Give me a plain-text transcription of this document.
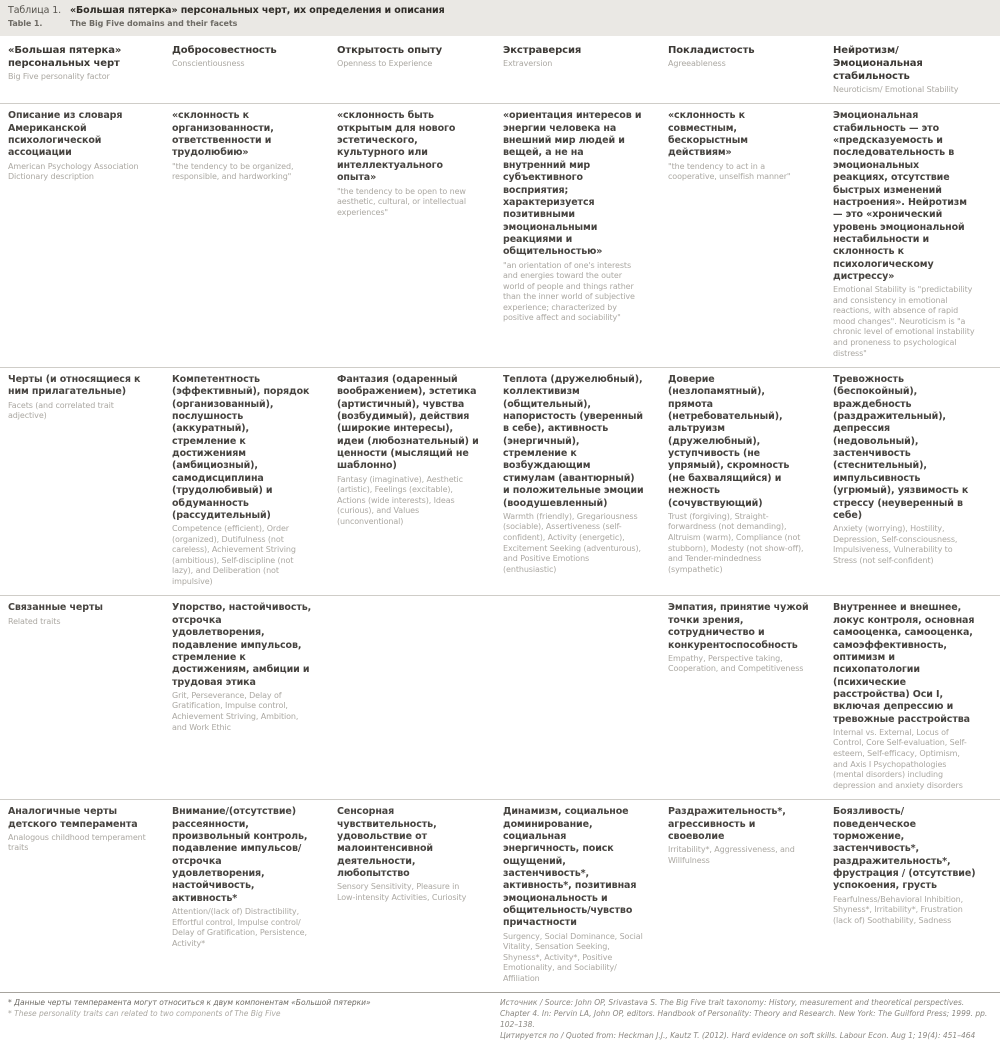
Таблица 1. «Большая пятерка» персональных черт, их определения и описания
Table 1.	The Big Five domains and their facets
«Большая пятерка» персональных черт
Big Five personality factor
Добросовестность
Conscientiousness
Открытость опыту
Openness to Experience
Экстраверсия
Extraversion
Покладистость
Agreeableness
Нейротизм/Эмоциональная стабильность
Neuroticism/ Emotional Stability
Описание из словаря Американской психологической ассоциации
American Psychology Association Dictionary description
«склонность к организованности, ответственности и трудолюбию»
"the tendency to be organized, responsible, and hardworking"
«склонность быть открытым для нового эстетического, культурного или интеллектуального опыта»
"the tendency to be open to new aesthetic, cultural, or intellectual experiences"
«ориентация интересов и энергии человека на внешний мир людей и вещей, а не на внутренний мир субъективного восприятия; характеризуется позитивными эмоциональными реакциями и общительностью»
"an orientation of one's interests and energies toward the outer world of people and things rather than the inner world of subjective experience; characterized by positive affect and sociability"
«склонность к совместным, бескорыстным действиям»
"the tendency to act in a cooperative, unselfish manner"
Эмоциональная стабильность — это «предсказуемость и последовательность в эмоциональных реакциях, отсутствие быстрых изменений настроения». Нейротизм — это «хронический уровень эмоциональной нестабильности и склонность к психологическому дистрессу»
Emotional Stability is "predictability and consistency in emotional reactions, with absence of rapid mood changes". Neuroticism is "a chronic level of emotional instability and proneness to psychological distress"
Черты (и относящиеся к ним прилагательные)
Facets (and correlated trait adjective)
Компетентность (эффективный), порядок (организованный), послушность (аккуратный), стремление к достижениям (амбициозный), самодисциплина (трудолюбивый) и обдуманность (рассудительный)
Competence (efficient), Order (organized), Dutifulness (not careless), Achievement Striving (ambitious), Self-discipline (not lazy), and Deliberation (not impulsive)
Фантазия (одаренный воображением), эстетика (артистичный), чувства (возбудимый), действия (широкие интересы), идеи (любознательный) и ценности (мыслящий не шаблонно)
Fantasy (imaginative), Aesthetic (artistic), Feelings (excitable), Actions (wide interests), Ideas (curious), and Values (unconventional)
Теплота (дружелюбный), коллективизм (общительный), напористость (уверенный в себе), активность (энергичный), стремление к возбуждающим стимулам (авантюрный) и положительные эмоции (воодушевленный)
Warmth (friendly), Gregariousness (sociable), Assertiveness (self-confident), Activity (energetic), Excitement Seeking (adventurous), and Positive Emotions (enthusiastic)
Доверие (незлопамятный), прямота (нетребовательный), альтруизм (дружелюбный), уступчивость (не упрямый), скромность (не бахвалящийся) и нежность (сочувствующий)
Trust (forgiving), Straight-forwardness (not demanding), Altruism (warm), Compliance (not stubborn), Modesty (not show-off), and Tender-mindedness (sympathetic)
Тревожность (беспокойный), враждебность (раздражительный), депрессия (недовольный), застенчивость (стеснительный), импульсивность (угрюмый), уязвимость к стрессу (неуверенный в себе)
Anxiety (worrying), Hostility, Depression, Self-consciousness, Impulsiveness, Vulnerability to Stress (not self-confident)
Связанные черты
Related traits
Упорство, настойчивость, отсрочка удовлетворения, подавление импульсов, стремление к достижениям, амбиции и трудовая этика
Grit, Perseverance, Delay of Gratification, Impulse control, Achievement Striving, Ambition, and Work Ethic
Эмпатия, принятие чужой точки зрения, сотрудничество и конкурентоспособность
Empathy, Perspective taking, Cooperation, and Competitiveness
Внутреннее и внешнее, локус контроля, основная самооценка, самооценка, самоэффективность, оптимизм и психопатологии (психические расстройства) Оси I, включая депрессию и тревожные расстройства
Internal vs. External, Locus of Control, Core Self-evaluation, Self-esteem, Self-efficacy, Optimism, and Axis I Psychopathologies (mental disorders) including depression and anxiety disorders
Аналогичные черты детского темперамента
Analogous childhood temperament traits
Внимание/(отсутствие) рассеянности, произвольный контроль, подавление импульсов/отсрочка удовлетворения, настойчивость, активность*
Attention/(lack of) Distractibility, Effortful control, Impulse control/ Delay of Gratification, Persistence, Activity*
Сенсорная чувствительность, удовольствие от малоинтенсивной деятельности, любопытство
Sensory Sensitivity, Pleasure in Low-intensity Activities, Curiosity
Динамизм, социальное доминирование, социальная энергичность, поиск ощущений, застенчивость*, активность*, позитивная эмоциональность и общительность/чувство причастности
Surgency, Social Dominance, Social Vitality, Sensation Seeking, Shyness*, Activity*, Positive Emotionality, and Sociability/ Affiliation
Раздражительность*, агрессивность и своеволие
Irritability*, Aggressiveness, and Willfulness
Боязливость/поведенческое торможение, застенчивость*, раздражительность*, фрустрация / (отсутствие) успокоения, грусть
Fearfulness/Behavioral Inhibition, Shyness*, Irritability*, Frustration (lack of) Soothability, Sadness
* Данные черты темперамента могут относиться к двум компонентам «Большой пятерки»
* These personality traits can related to two components of The Big Five
Источник / Source: John OP, Srivastava S. The Big Five trait taxonomy: History, measurement and theoretical perspectives.
Chapter 4. In: Pervin LA, John OP, editors. Handbook of Personality: Theory and Research. New York: The Guilford Press; 1999. pp. 102–138.
Цитируется по / Quoted from: Heckman J.J., Kautz T. (2012). Hard evidence on soft skills. Labour Econ. Aug 1; 19(4): 451–464
